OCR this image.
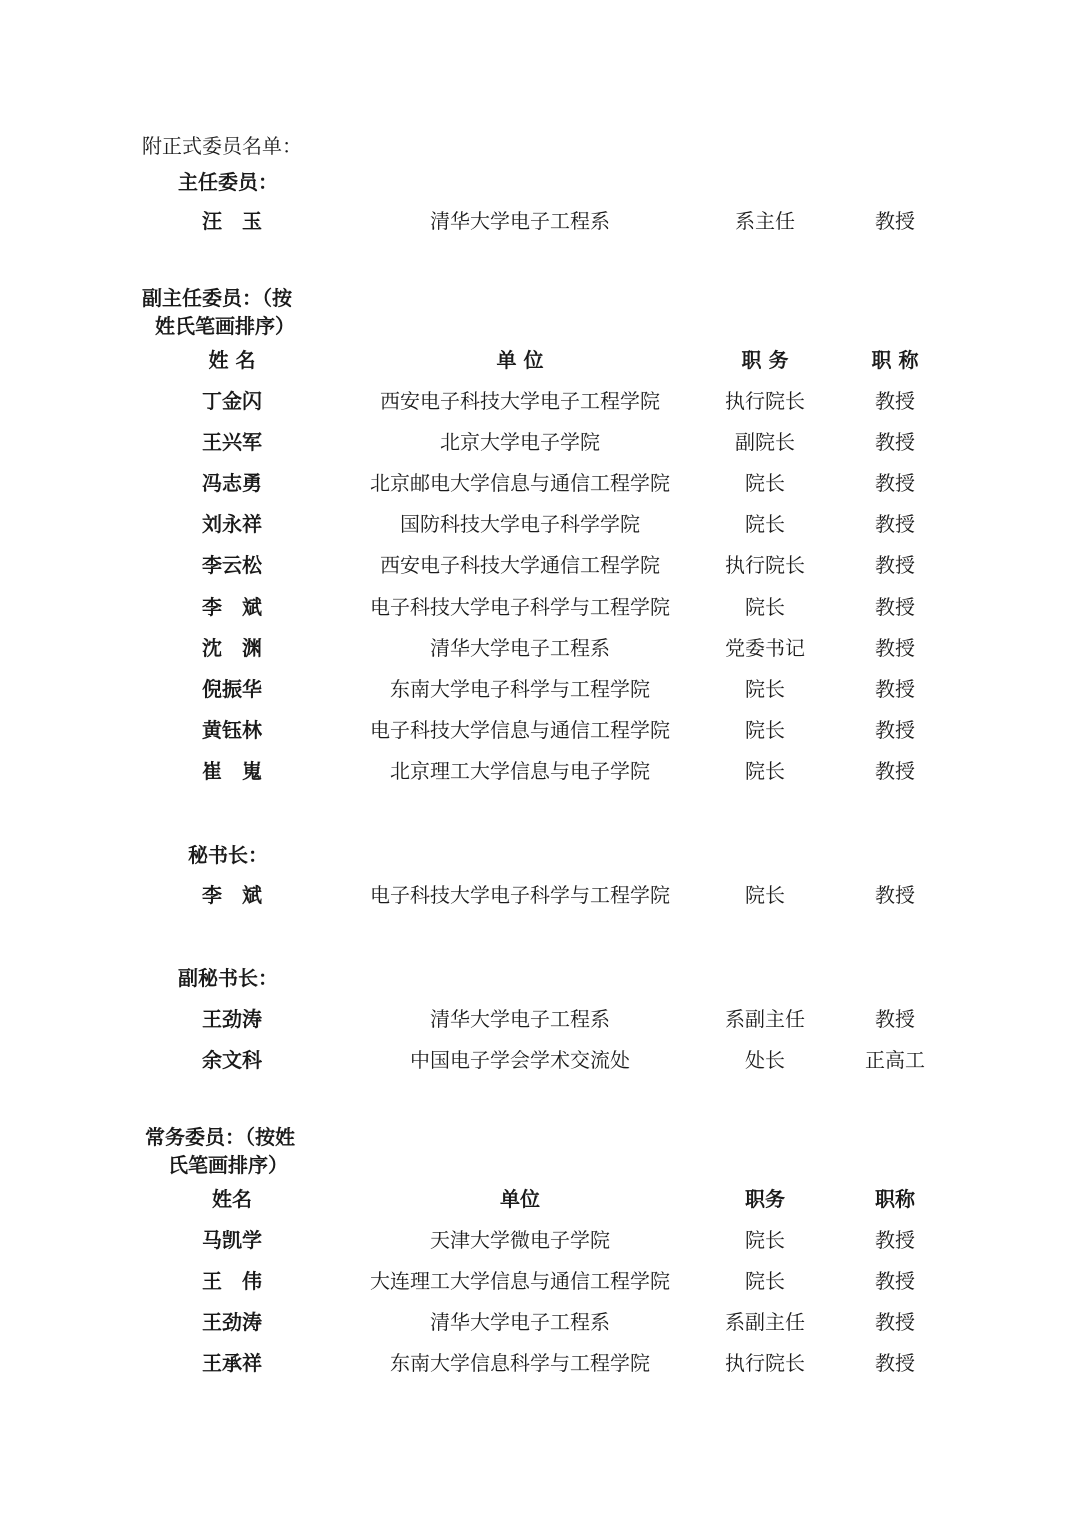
附正式委员名单：
主任委员：
汪　玉	清华大学电子工程系	系主任	教授
副主任委员：（按
姓氏笔画排序）
姓 名	单 位	职 务	职 称
丁金闪	西安电子科技大学电子工程学院	执行院长	教授
王兴军	北京大学电子学院	副院长	教授
冯志勇	北京邮电大学信息与通信工程学院	院长	教授
刘永祥	国防科技大学电子科学学院	院长	教授
李云松	西安电子科技大学通信工程学院	执行院长	教授
李　斌	电子科技大学电子科学与工程学院	院长	教授
沈　渊	清华大学电子工程系	党委书记	教授
倪振华	东南大学电子科学与工程学院	院长	教授
黄钰林	电子科技大学信息与通信工程学院	院长	教授
崔　嵬	北京理工大学信息与电子学院	院长	教授
秘书长：
李　斌	电子科技大学电子科学与工程学院	院长	教授
副秘书长：
王劲涛	清华大学电子工程系	系副主任	教授
余文科	中国电子学会学术交流处	处长	正高工
常务委员：（按姓
氏笔画排序）
姓名	单位	职务	职称
马凯学	天津大学微电子学院	院长	教授
王　伟	大连理工大学信息与通信工程学院	院长	教授
王劲涛	清华大学电子工程系	系副主任	教授
王承祥	东南大学信息科学与工程学院	执行院长	教授
